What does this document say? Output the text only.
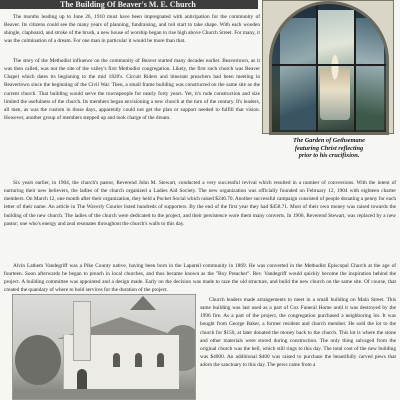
The Building Of Beaver's M. E. Church
The months leading up to June 26, 1910 must have been impregnated with anticipation for the community of Beaver. Its citizens could see the many years of planning, fundraising, and toil start to take shape. With each wooden shingle, clapboard, and stroke of the brush, a new house of worship began to rise high above Church Street. For many, it was the culmination of a dream. For one man in particular it would be more than that.
The story of the Methodist influence on the community of Beaver started many decades earlier. Beavertown, as it was then called, was not the site of the valley's first Methodist congregation. Likely, the first such church was Beaver Chapel which dates its beginning to the mid 1820's. Circuit Riders and itinerant preachers had been meeting in Beavertown since the beginning of the Civil War. Then, a small frame building was constructed on the same site as the current church. That building would serve the townspeople for nearly forty years. Yet, it's rude construction and size limited the usefulness of the church. Its members began envisioning a new church at the turn of the century. It's leaders, all men, as was the custom in those days, apparently could not get the plan or support needed to fulfill that vision. However, another group of members stepped up and took charge of the dream.
The Garden of Gethsemane
featuring Christ reflecting
prior to his crucifixion.
Six years earlier, in 1904, the church's pastor, Reverend John M. Stewart, conducted a very successful revival which resulted in a number of conversions. With the intent of nurturing their new believers, the ladies of the church organized a Ladies Aid Society. The new organization was officially founded on February 12, 1904 with eighteen charter members. On March 12, one month after their organization, they held a Pocket Social which raised $246.70. Another successful campaign consisted of people donating a penny for each letter of their name. An article in The Waverly Courier listed hundreds of supporters. By the end of the first year they had $458.71. Most of their own money was raised towards the building of the new church. The ladies of the church were dedicated to the project, and their persistence wore them many converts. In 1906, Reverend Stewart, was replaced by a new pastor; one who's energy and zeal resonates throughout the church's walls to this day.
Alvin Lathem Vandegriff was a Pike County native, having been born in the Lapareil community in 1869. He was converted in the Methodist Episcopal Church at the age of fourteen. Soon afterwards he began to preach in local churches, and thus became known as the "Boy Preacher". Rev. Vandegriff would quickly become the inspiration behind the project. A building committee was appointed and a design made. Early on the decision was made to raze the old structure, and build the new church on the same site. Of course, that created the quandary of where to hold services for the duration of the project.
Church leaders made arrangements to meet in a small building on Main Street. This same building was last used as a part of Cox Funeral Home until it was destroyed by the 1996 fire. As a part of the project, the congregation purchased a neighboring lot. It was bought from George Baker, a former resident and church member. He sold the lot to the church for $150, at later donated the money back to the church. This lot is where the stone and other materials were stored during construction. The only thing salvaged from the original church was the bell, which still rings to this day. The total cost of the new building was $4000. An additional $400 was raised to purchase the beautifully carved pews that adorn the sanctuary to this day. The pews came from a
